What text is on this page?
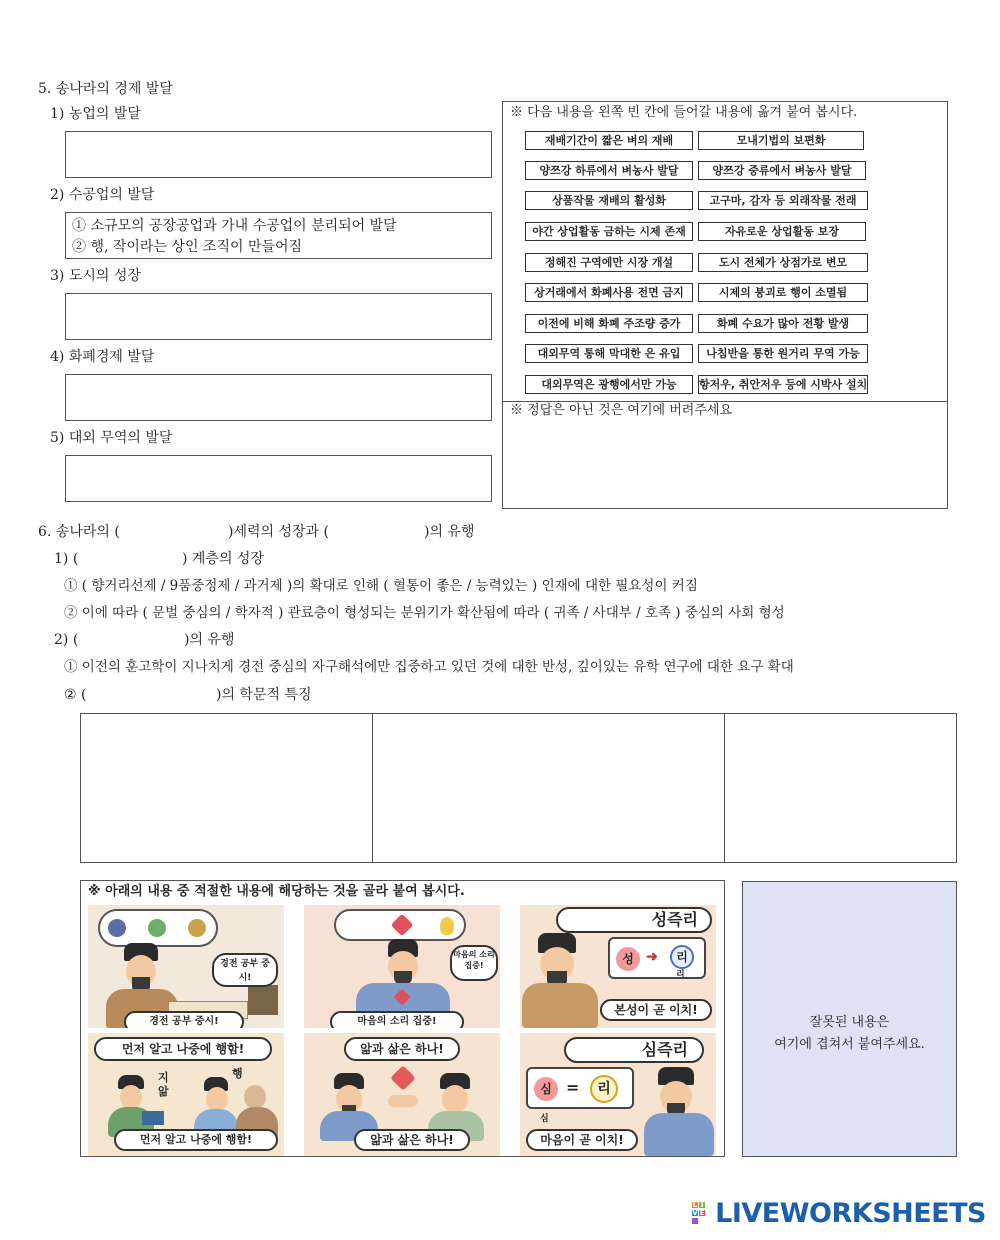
5. 송나라의 경제 발달
1) 농업의 발달
2) 수공업의 발달
① 소규모의 공장공업과 가내 수공업이 분리되어 발달
② 행, 작이라는 상인 조직이 만들어짐
3) 도시의 성장
4) 화폐경제 발달
5) 대외 무역의 발달
※ 다음 내용을 왼쪽 빈 칸에 들어갈 내용에 옮겨 붙여 봅시다.
※ 정답은 아닌 것은 여기에 버려주세요
재배기간이 짧은 벼의 재배	모내기법의 보편화
양쯔강 하류에서 벼농사 발달	양쯔강 중류에서 벼농사 발달
상품작물 재배의 활성화	고구마, 감자 등 외래작물 전래
야간 상업활동 금하는 시제 존재	자유로운 상업활동 보장
정해진 구역에만 시장 개설	도시 전체가 상점가로 변모
상거래에서 화폐사용 전면 금지	시제의 붕괴로 행이 소멸됨
이전에 비해 화폐 주조량 증가	화폐 수요가 많아 전황 발생
대외무역 통해 막대한 은 유입	나침반을 통한 원거리 무역 가능
대외무역은 광행에서만 가능	항저우, 취안저우 등에 시박사 설치
6. 송나라의 (	)세력의 성장과 (	)의 유행
1) (	) 계층의 성장
① ( 향거리선제 / 9품중정제 / 과거제 )의 확대로 인해 ( 혈통이 좋은 / 능력있는 ) 인재에 대한 필요성이 커짐
② 이에 따라 ( 문벌 중심의 / 학자적 ) 관료층이 형성되는 분위기가 확산됨에 따라 ( 귀족 / 사대부 / 호족 ) 중심의 사회 형성
2) (	)의 유행
① 이전의 훈고학이 지나치게 경전 중심의 자구해석에만 집중하고 있던 것에 대한 반성, 깊이있는 유학 연구에 대한 요구 확대
② (	)의 학문적 특징
※ 아래의 내용 중 적절한 내용에 해당하는 것을 골라 붙여 봅시다.
경전 공부 중시!
경전 공부 중시!
마음의 소리 집중!
마음의 소리 집중!
성즉리
성 ➜	리
리
본성이 곧 이치!
먼저 알고 나중에 행함!
지
앎
행
먼저 알고 나중에 행함!
앎과 삶은 하나!
앎과 삶은 하나!
심즉리
심 =	리
심
마음이 곧 이치!
잘못된 내용은
여기에 겹쳐서 붙여주세요.
L I
V E LIVEWORKSHEETS
